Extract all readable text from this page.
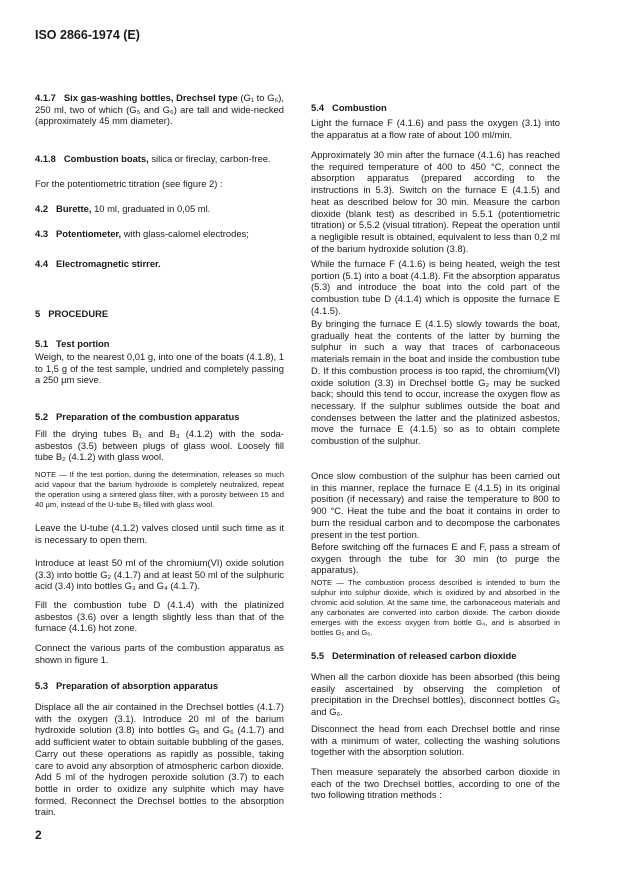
ISO 2866-1974 (E)
4.1.7 Six gas-washing bottles, Drechsel type (G₁ to G₆), 250 ml, two of which (G₅ and G₆) are tall and wide-necked (approximately 45 mm diameter).
4.1.8 Combustion boats, silica or fireclay, carbon-free.
For the potentiometric titration (see figure 2) :
4.2 Burette, 10 ml, graduated in 0,05 ml.
4.3 Potentiometer, with glass-calomel electrodes;
4.4 Electromagnetic stirrer.
5 PROCEDURE
5.1 Test portion
Weigh, to the nearest 0,01 g, into one of the boats (4.1.8), 1 to 1,5 g of the test sample, undried and completely passing a 250 µm sieve.
5.2 Preparation of the combustion apparatus
Fill the drying tubes B₁ and B₃ (4.1.2) with the soda-asbestos (3.5) between plugs of glass wool. Loosely fill tube B₂ (4.1.2) with glass wool.
NOTE — If the test portion, during the determination, releases so much acid vapour that the barium hydroxide is completely neutralized, repeat the operation using a sintered glass filter, with a porosity between 15 and 40 µm, instead of the U-tube B₂ filled with glass wool.
Leave the U-tube (4.1.2) valves closed until such time as it is necessary to open them.
Introduce at least 50 ml of the chromium(VI) oxide solution (3.3) into bottle G₂ (4.1.7) and at least 50 ml of the sulphuric acid (3.4) into bottles G₃ and G₄ (4.1.7).
Fill the combustion tube D (4.1.4) with the platinized asbestos (3.6) over a length slightly less than that of the furnace (4.1.6) hot zone.
Connect the various parts of the combustion apparatus as shown in figure 1.
5.3 Preparation of absorption apparatus
Displace all the air contained in the Drechsel bottles (4.1.7) with the oxygen (3.1). Introduce 20 ml of the barium hydroxide solution (3.8) into bottles G₅ and G₆ (4.1.7) and add sufficient water to obtain suitable bubbling of the gases. Carry out these operations as rapidly as possible, taking care to avoid any absorption of atmospheric carbon dioxide. Add 5 ml of the hydrogen peroxide solution (3.7) to each bottle in order to oxidize any sulphite which may have formed. Reconnect the Drechsel bottles to the absorption train.
5.4 Combustion
Light the furnace F (4.1.6) and pass the oxygen (3.1) into the apparatus at a flow rate of about 100 ml/min.
Approximately 30 min after the furnace (4.1.6) has reached the required temperature of 400 to 450 °C, connect the absorption apparatus (prepared according to the instructions in 5.3). Switch on the furnace E (4.1.5) and heat as described below for 30 min. Measure the carbon dioxide (blank test) as described in 5.5.1 (potentiometric titration) or 5.5.2 (visual titration). Repeat the operation until a negligible result is obtained, equivalent to less than 0,2 ml of the barium hydroxide solution (3.8).
While the furnace F (4.1.6) is being heated, weigh the test portion (5.1) into a boat (4.1.8). Fit the absorption apparatus (5.3) and introduce the boat into the cold part of the combustion tube D (4.1.4) which is opposite the furnace E (4.1.5).
By bringing the furnace E (4.1.5) slowly towards the boat, gradually heat the contents of the latter by burning the sulphur in such a way that traces of carbonaceous materials remain in the boat and inside the combustion tube D. If this combustion process is too rapid, the chromium(VI) oxide solution (3.3) in Drechsel bottle G₂ may be sucked back; should this tend to occur, increase the oxygen flow as necessary. If the sulphur sublimes outside the boat and condenses between the latter and the platinized asbestos, move the furnace E (4.1.5) so as to obtain complete combustion of the sulphur.
Once slow combustion of the sulphur has been carried out in this manner, replace the furnace E (4.1.5) in its original position (if necessary) and raise the temperature to 800 to 900 °C. Heat the tube and the boat it contains in order to burn the residual carbon and to decompose the carbonates present in the test portion.
Before switching off the furnaces E and F, pass a stream of oxygen through the tube for 30 min (to purge the apparatus).
NOTE — The combustion process described is intended to burn the sulphur into sulphur dioxide, which is oxidized by and absorbed in the chromic acid solution. At the same time, the carbonaceous materials and any carbonates are converted into carbon dioxide. The carbon dioxide emerges with the excess oxygen from bottle G₄, and is absorbed in bottles G₅ and G₆.
5.5 Determination of released carbon dioxide
When all the carbon dioxide has been absorbed (this being easily ascertained by observing the completion of precipitation in the Drechsel bottles), disconnect bottles G₅ and G₆.
Disconnect the head from each Drechsel bottle and rinse with a minimum of water, collecting the washing solutions together with the absorption solution.
Then measure separately the absorbed carbon dioxide in each of the two Drechsel bottles, according to one of the two following titration methods :
2
